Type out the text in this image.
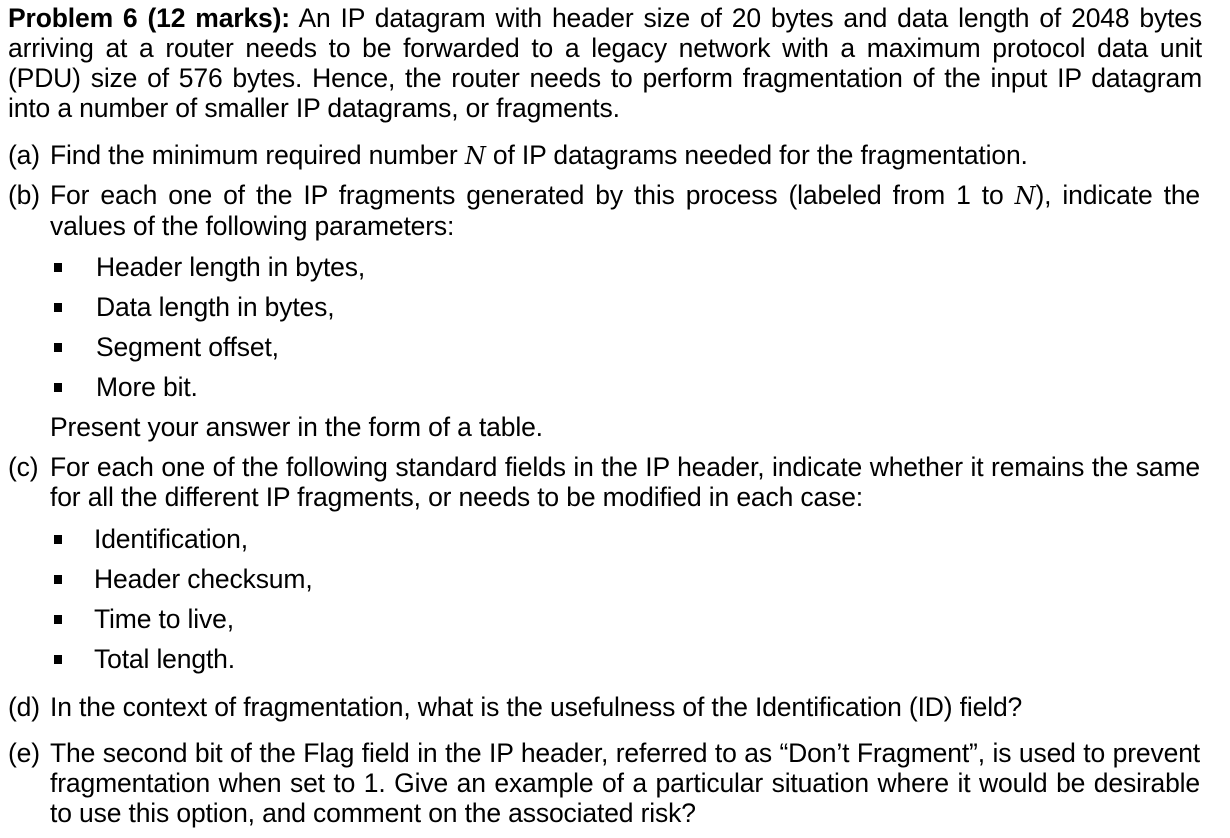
Problem 6 (12 marks): An IP datagram with header size of 20 bytes and data length of 2048 bytes arriving at a router needs to be forwarded to a legacy network with a maximum protocol data unit (PDU) size of 576 bytes. Hence, the router needs to perform fragmentation of the input IP datagram into a number of smaller IP datagrams, or fragments.
(a) Find the minimum required number N of IP datagrams needed for the fragmentation.
(b) For each one of the IP fragments generated by this process (labeled from 1 to N), indicate the values of the following parameters:
Header length in bytes,
Data length in bytes,
Segment offset,
More bit.
Present your answer in the form of a table.
(c) For each one of the following standard fields in the IP header, indicate whether it remains the same for all the different IP fragments, or needs to be modified in each case:
Identification,
Header checksum,
Time to live,
Total length.
(d) In the context of fragmentation, what is the usefulness of the Identification (ID) field?
(e) The second bit of the Flag field in the IP header, referred to as “Don’t Fragment”, is used to prevent fragmentation when set to 1. Give an example of a particular situation where it would be desirable to use this option, and comment on the associated risk?
